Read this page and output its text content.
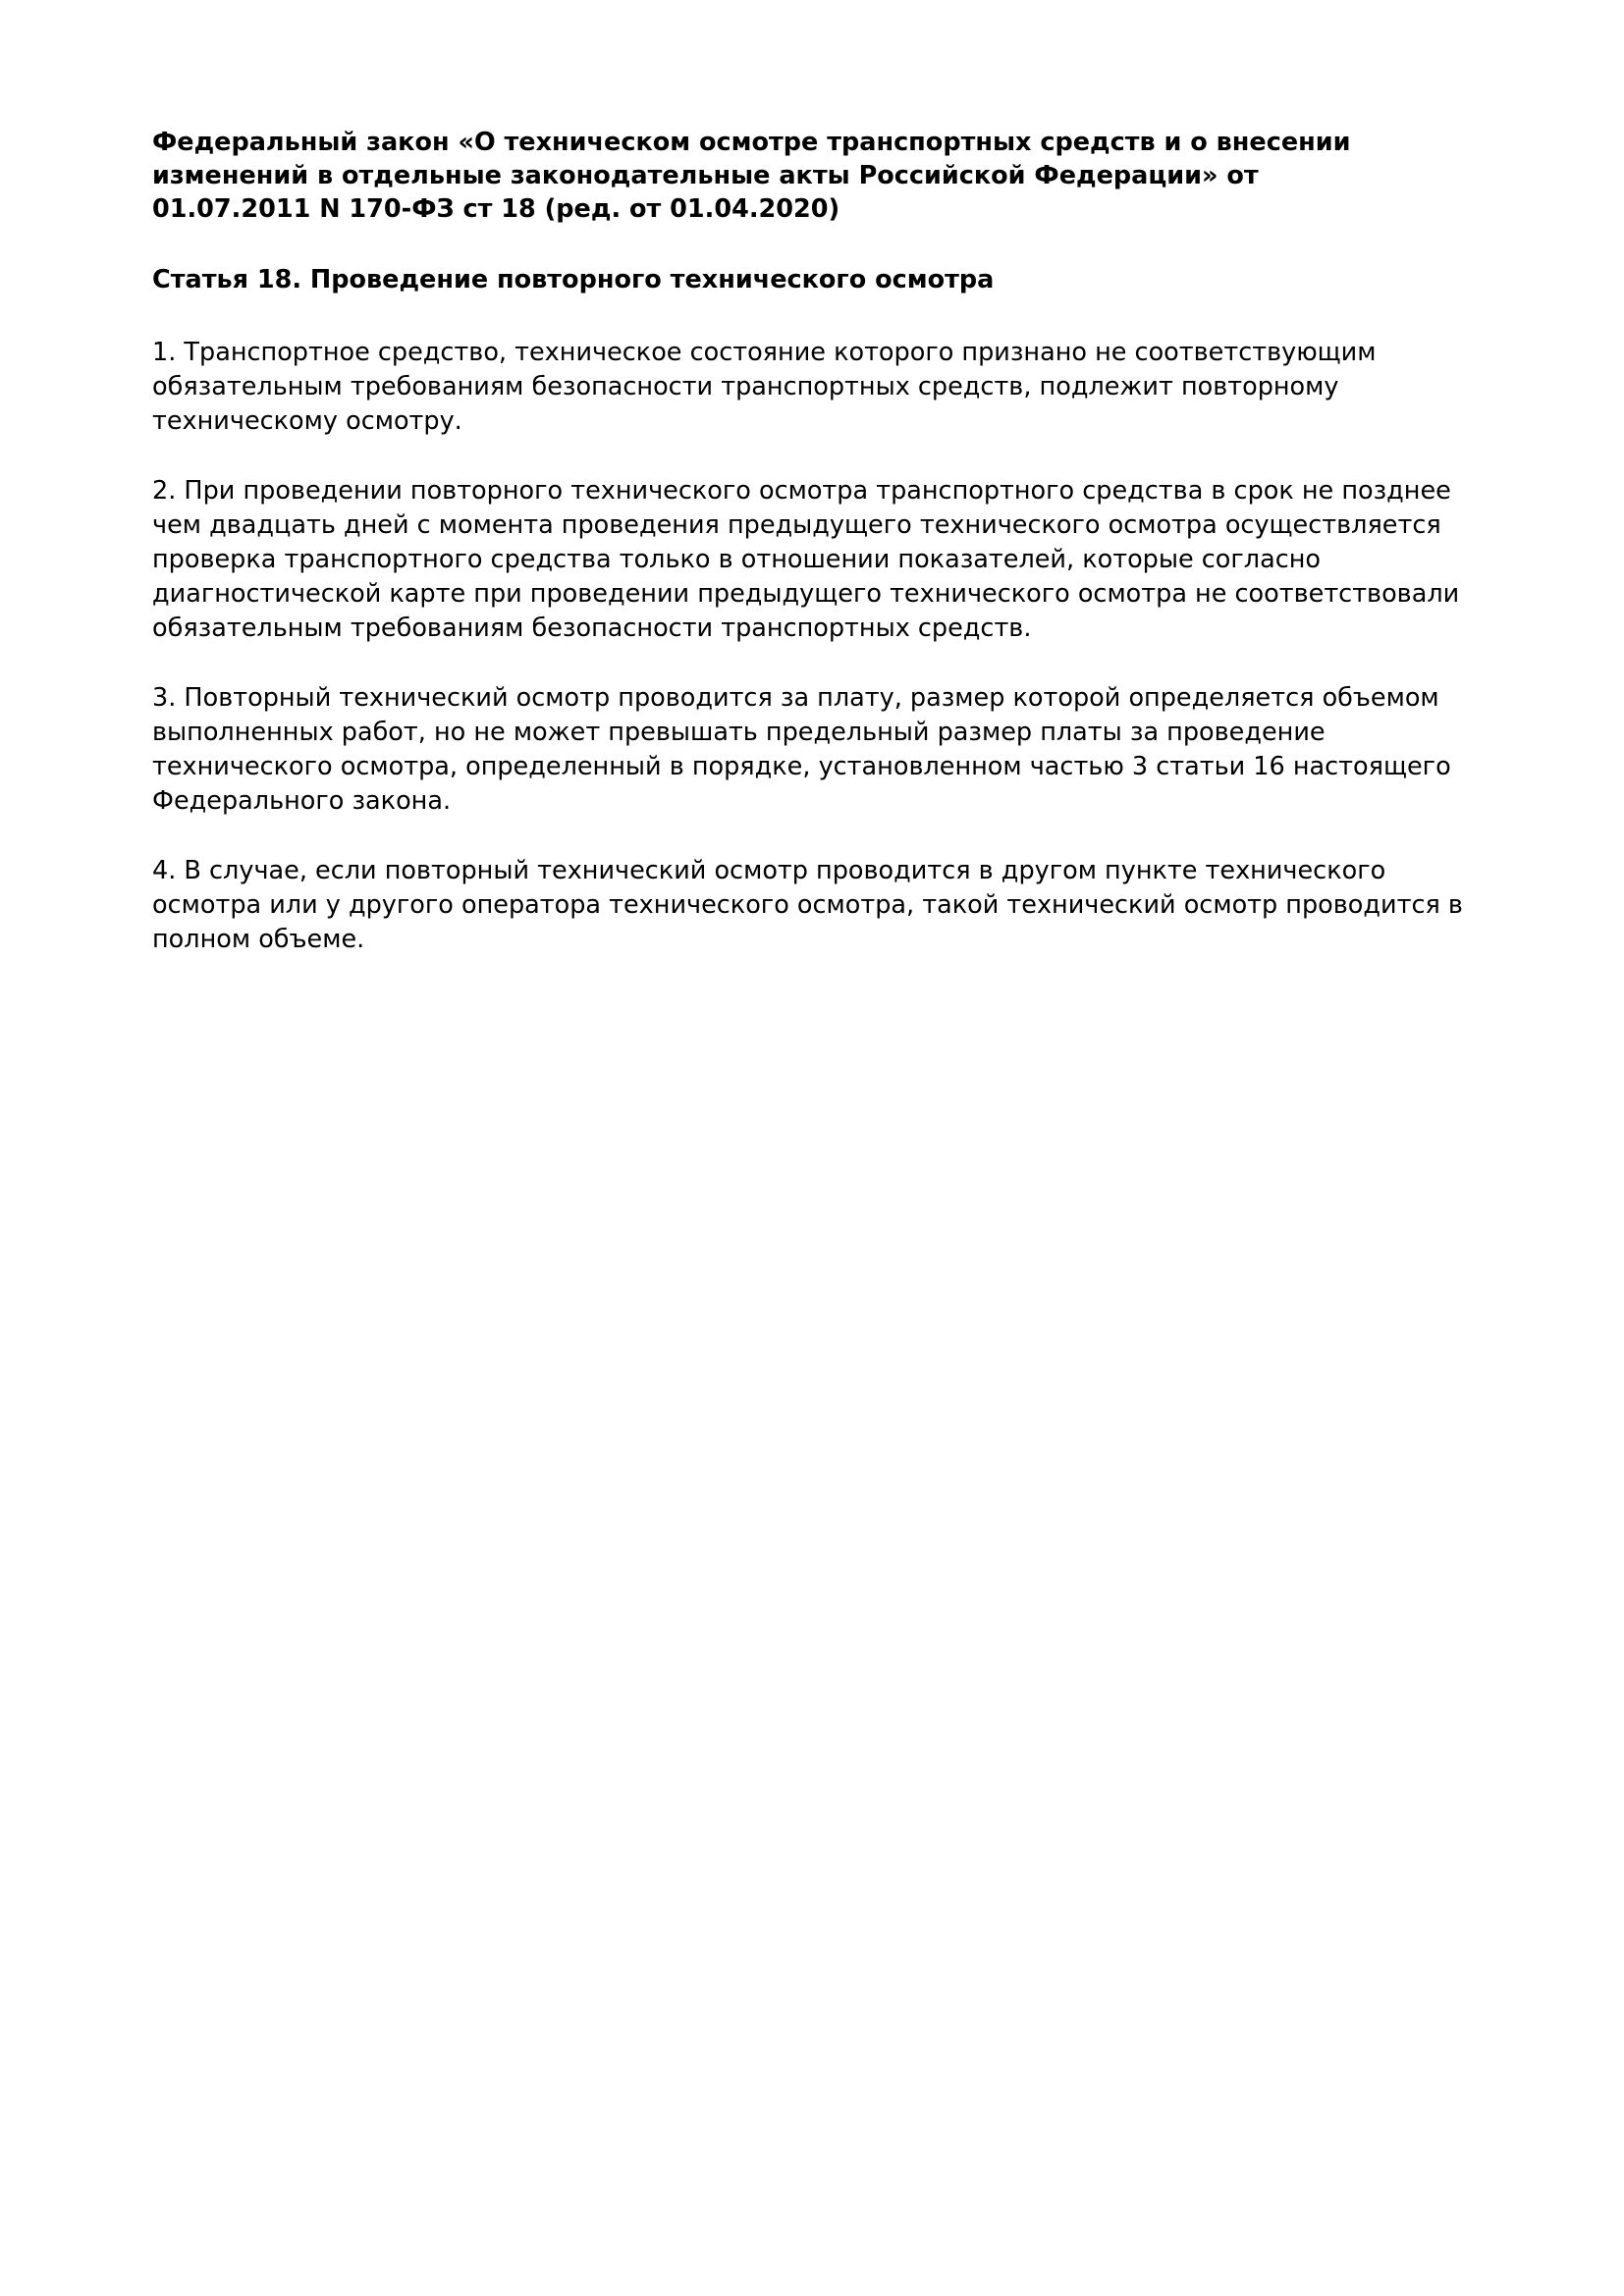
Федеральный закон «О техническом осмотре транспортных средств и о внесении изменений в отдельные законодательные акты Российской Федерации» от 01.07.2011 N 170-ФЗ ст 18 (ред. от 01.04.2020)
Статья 18. Проведение повторного технического осмотра

1. Транспортное средство, техническое состояние которого признано не соответствующим обязательным требованиям безопасности транспортных средств, подлежит повторному техническому осмотру.

2. При проведении повторного технического осмотра транспортного средства в срок не позднее чем двадцать дней с момента проведения предыдущего технического осмотра осуществляется проверка транспортного средства только в отношении показателей, которые согласно диагностической карте при проведении предыдущего технического осмотра не соответствовали обязательным требованиям безопасности транспортных средств.

3. Повторный технический осмотр проводится за плату, размер которой определяется объемом выполненных работ, но не может превышать предельный размер платы за проведение технического осмотра, определенный в порядке, установленном частью 3 статьи 16 настоящего Федерального закона.

4. В случае, если повторный технический осмотр проводится в другом пункте технического осмотра или у другого оператора технического осмотра, такой технический осмотр проводится в полном объеме.
